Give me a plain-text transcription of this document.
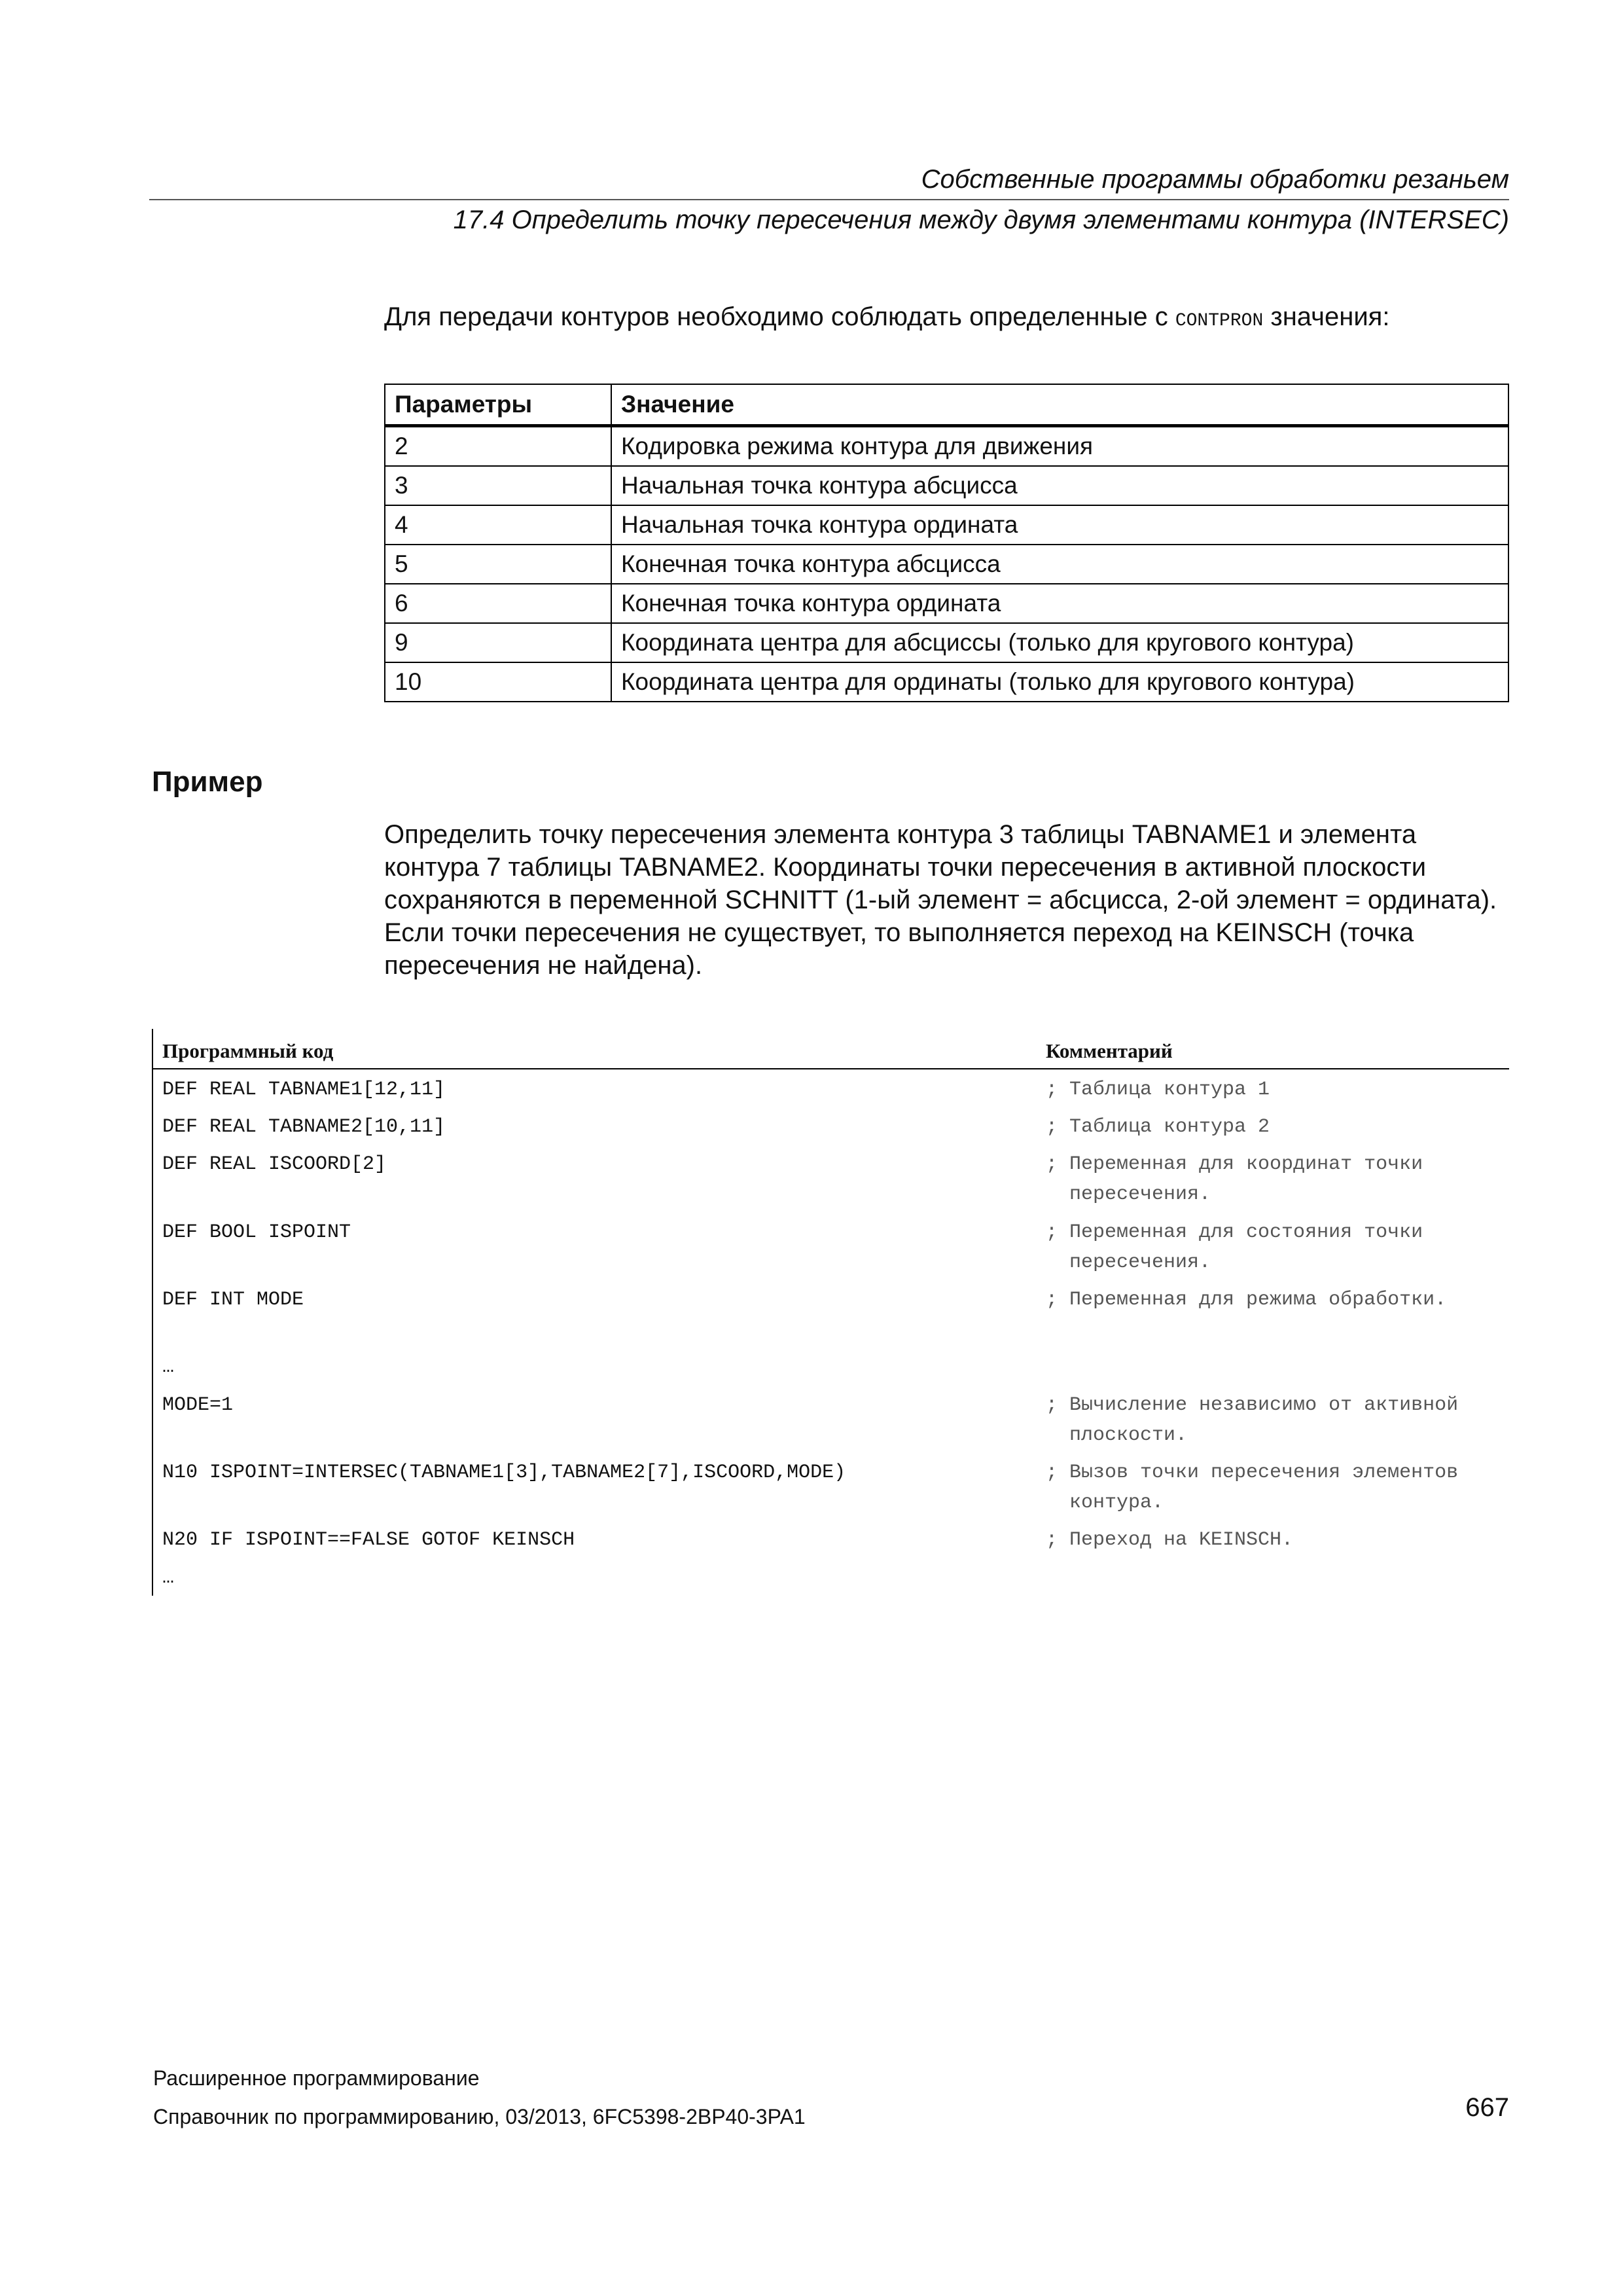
Собственные программы обработки резаньем
17.4 Определить точку пересечения между двумя элементами контура (INTERSEC)
Для передачи контуров необходимо соблюдать определенные с CONTPRON значения:
Параметры	Значение
2	Кодировка режима контура для движения
3	Начальная точка контура абсцисса
4	Начальная точка контура ордината
5	Конечная точка контура абсцисса
6	Конечная точка контура ордината
9	Координата центра для абсциссы (только для кругового контура)
10	Координата центра для ординаты (только для кругового контура)
Пример
Определить точку пересечения элемента контура 3 таблицы TABNAME1 и элемента контура 7 таблицы TABNAME2. Координаты точки пересечения в активной плоскости сохраняются в переменной SCHNITT (1-ый элемент = абсцисса, 2-ой элемент = ордината). Если точки пересечения не существует, то выполняется переход на KEINSCH (точка пересечения не найдена).
Программный код	Комментарий
DEF REAL TABNAME1[12,11]	; Таблица контура 1
DEF REAL TABNAME2[10,11]	; Таблица контура 2
DEF REAL ISCOORD[2]	; Переменная для координат точки пересечения.
DEF BOOL ISPOINT	; Переменная для состояния точки пересечения.
DEF INT MODE	; Переменная для режима обработки.
…
MODE=1	; Вычисление независимо от активной плоскости.
N10 ISPOINT=INTERSEC(TABNAME1[3],TABNAME2[7],ISCOORD,MODE)	; Вызов точки пересечения элементов контура.
N20 IF ISPOINT==FALSE GOTOF KEINSCH	; Переход на KEINSCH.
…
Расширенное программирование
Справочник по программированию, 03/2013, 6FC5398-2BP40-3PA1	667
